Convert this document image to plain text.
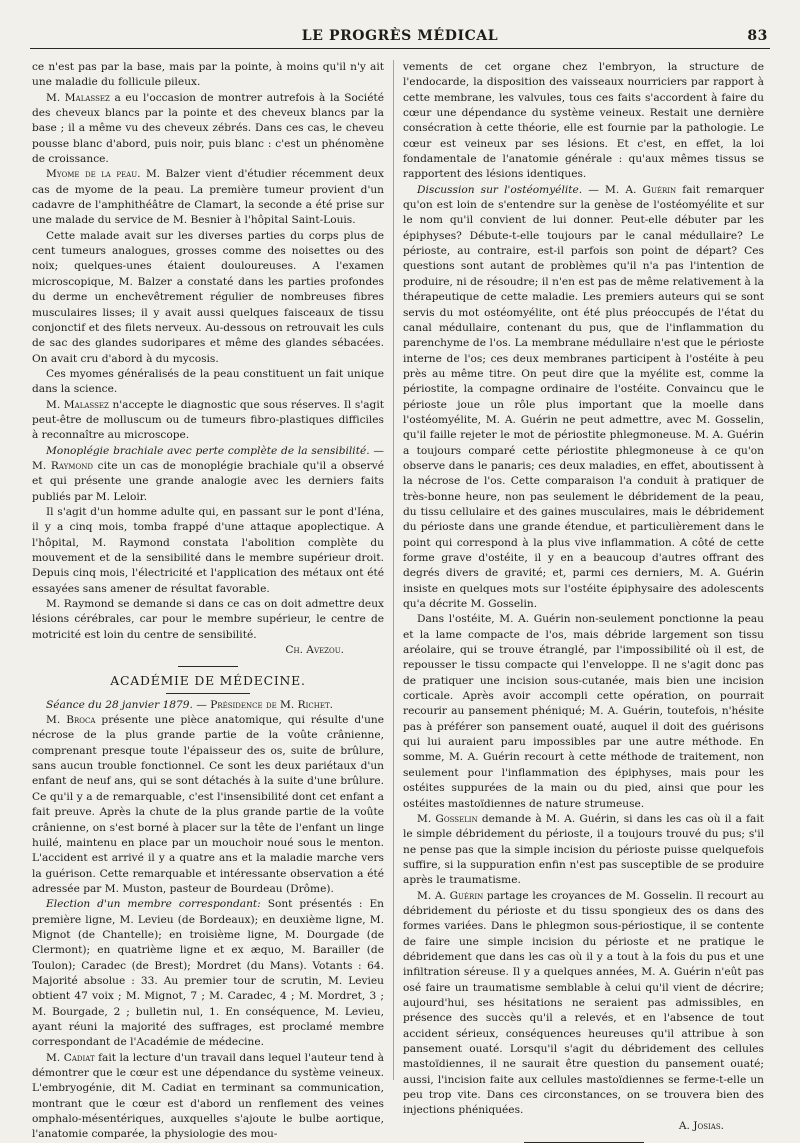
LE PROGRÈS MÉDICAL	83

ce n'est pas par la base, mais par la pointe, à moins qu'il n'y ait une maladie du follicule pileux.

M. Malassez a eu l'occasion de montrer autrefois à la Société des cheveux blancs par la pointe et des cheveux blancs par la base ; il a même vu des cheveux zébrés. Dans ces cas, le cheveu pousse blanc d'abord, puis noir, puis blanc : c'est un phénomène de croissance.

Myome de la peau. M. Balzer vient d'étudier récemment deux cas de myome de la peau. La première tumeur provient d'un cadavre de l'amphithéâtre de Clamart, la seconde a été prise sur une malade du service de M. Besnier à l'hôpital Saint-Louis.

Cette malade avait sur les diverses parties du corps plus de cent tumeurs analogues, grosses comme des noisettes ou des noix; quelques-unes étaient douloureuses. A l'examen microscopique, M. Balzer a constaté dans les parties profondes du derme un enchevêtrement régulier de nombreuses fibres musculaires lisses; il y avait aussi quelques faisceaux de tissu conjonctif et des filets nerveux. Au-dessous on retrouvait les culs de sac des glandes sudoripares et même des glandes sébacées. On avait cru d'abord à du mycosis.

Ces myomes généralisés de la peau constituent un fait unique dans la science.

M. Malassez n'accepte le diagnostic que sous réserves. Il s'agit peut-être de molluscum ou de tumeurs fibro-plastiques difficiles à reconnaître au microscope.

Monoplégie brachiale avec perte complète de la sensibilité. — M. Raymond cite un cas de monoplégie brachiale qu'il a observé et qui présente une grande analogie avec les derniers faits publiés par M. Leloir.

Il s'agit d'un homme adulte qui, en passant sur le pont d'Iéna, il y a cinq mois, tomba frappé d'une attaque apoplectique. A l'hôpital, M. Raymond constata l'abolition complète du mouvement et de la sensibilité dans le membre supérieur droit. Depuis cinq mois, l'électricité et l'application des métaux ont été essayées sans amener de résultat favorable.

M. Raymond se demande si dans ce cas on doit admettre deux lésions cérébrales, car pour le membre supérieur, le centre de motricité est loin du centre de sensibilité.

Ch. Avezou.
ACADÉMIE DE MÉDECINE.

Séance du 28 janvier 1879. — Présidence de M. Richet.

M. Broca présente une pièce anatomique, qui résulte d'une nécrose de la plus grande partie de la voûte crânienne, comprenant presque toute l'épaisseur des os, suite de brûlure, sans aucun trouble fonctionnel. Ce sont les deux pariétaux d'un enfant de neuf ans, qui se sont détachés à la suite d'une brûlure. Ce qu'il y a de remarquable, c'est l'insensibilité dont cet enfant a fait preuve. Après la chute de la plus grande partie de la voûte crânienne, on s'est borné à placer sur la tête de l'enfant un linge huilé, maintenu en place par un mouchoir noué sous le menton. L'accident est arrivé il y a quatre ans et la maladie marche vers la guérison. Cette remarquable et intéressante observation a été adressée par M. Muston, pasteur de Bourdeau (Drôme).

Election d'un membre correspondant: Sont présentés : En première ligne, M. Levieu (de Bordeaux); en deuxième ligne, M. Mignot (de Chantelle); en troisième ligne, M. Dourgade (de Clermont); en quatrième ligne et ex æquo, M. Barailler (de Toulon); Caradec (de Brest); Mordret (du Mans). Votants : 64. Majorité absolue : 33. Au premier tour de scrutin, M. Levieu obtient 47 voix ; M. Mignot, 7 ; M. Caradec, 4 ; M. Mordret, 3 ; M. Bourgade, 2 ; bulletin nul, 1. En conséquence, M. Levieu, ayant réuni la majorité des suffrages, est proclamé membre correspondant de l'Académie de médecine.

M. Cadiat fait la lecture d'un travail dans lequel l'auteur tend à démontrer que le cœur est une dépendance du système veineux. L'embryogénie, dit M. Cadiat en terminant sa communication, montrant que le cœur est d'abord un renflement des veines omphalo-mésentériques, auxquelles s'ajoute le bulbe aortique, l'anatomie comparée, la physiologie des mou-

vements de cet organe chez l'embryon, la structure de l'endocarde, la disposition des vaisseaux nourriciers par rapport à cette membrane, les valvules, tous ces faits s'accordent à faire du cœur une dépendance du système veineux. Restait une dernière consécration à cette théorie, elle est fournie par la pathologie. Le cœur est veineux par ses lésions. Et c'est, en effet, la loi fondamentale de l'anatomie générale : qu'aux mêmes tissus se rapportent des lésions identiques.

Discussion sur l'ostéomyélite. — M. A. Guérin fait remarquer qu'on est loin de s'entendre sur la genèse de l'ostéomyélite et sur le nom qu'il convient de lui donner. Peut-elle débuter par les épiphyses? Débute-t-elle toujours par le canal médullaire? Le périoste, au contraire, est-il parfois son point de départ? Ces questions sont autant de problèmes qu'il n'a pas l'intention de produire, ni de résoudre; il n'en est pas de même relativement à la thérapeutique de cette maladie. Les premiers auteurs qui se sont servis du mot ostéomyélite, ont été plus préoccupés de l'état du canal médullaire, contenant du pus, que de l'inflammation du parenchyme de l'os. La membrane médullaire n'est que le périoste interne de l'os; ces deux membranes participent à l'ostéite à peu près au même titre. On peut dire que la myélite est, comme la périostite, la compagne ordinaire de l'ostéite. Convaincu que le périoste joue un rôle plus important que la moelle dans l'ostéomyélite, M. A. Guérin ne peut admettre, avec M. Gosselin, qu'il faille rejeter le mot de périostite phlegmoneuse. M. A. Guérin a toujours comparé cette périostite phlegmoneuse à ce qu'on observe dans le panaris; ces deux maladies, en effet, aboutissent à la nécrose de l'os. Cette comparaison l'a conduit à pratiquer de très-bonne heure, non pas seulement le débridement de la peau, du tissu cellulaire et des gaines musculaires, mais le débridement du périoste dans une grande étendue, et particulièrement dans le point qui correspond à la plus vive inflammation. A côté de cette forme grave d'ostéite, il y en a beaucoup d'autres offrant des degrés divers de gravité; et, parmi ces derniers, M. A. Guérin insiste en quelques mots sur l'ostéite épiphysaire des adolescents qu'a décrite M. Gosselin.

Dans l'ostéite, M. A. Guérin non-seulement ponctionne la peau et la lame compacte de l'os, mais débride largement son tissu aréolaire, qui se trouve étranglé, par l'impossibilité où il est, de repousser le tissu compacte qui l'enveloppe. Il ne s'agit donc pas de pratiquer une incision sous-cutanée, mais bien une incision corticale. Après avoir accompli cette opération, on pourrait recourir au pansement phéniqué; M. A. Guérin, toutefois, n'hésite pas à préférer son pansement ouaté, auquel il doit des guérisons qui lui auraient paru impossibles par une autre méthode. En somme, M. A. Guérin recourt à cette méthode de traitement, non seulement pour l'inflammation des épiphyses, mais pour les ostéites suppurées de la main ou du pied, ainsi que pour les ostéites mastoïdiennes de nature strumeuse.

M. Gosselin demande à M. A. Guérin, si dans les cas où il a fait le simple débridement du périoste, il a toujours trouvé du pus; s'il ne pense pas que la simple incision du périoste puisse quelquefois suffire, si la suppuration enfin n'est pas susceptible de se produire après le traumatisme.

M. A. Guérin partage les croyances de M. Gosselin. Il recourt au débridement du périoste et du tissu spongieux des os dans des formes variées. Dans le phlegmon sous-périostique, il se contente de faire une simple incision du périoste et ne pratique le débridement que dans les cas où il y a tout à la fois du pus et une infiltration séreuse. Il y a quelques années, M. A. Guérin n'eût pas osé faire un traumatisme semblable à celui qu'il vient de décrire; aujourd'hui, ses hésitations ne seraient pas admissibles, en présence des succès qu'il a relevés, et en l'absence de tout accident sérieux, conséquences heureuses qu'il attribue à son pansement ouaté. Lorsqu'il s'agit du débridement des cellules mastoïdiennes, il ne saurait être question du pansement ouaté; aussi, l'incision faite aux cellules mastoïdiennes se ferme-t-elle un peu trop vite. Dans ces circonstances, on se trouvera bien des injections phéniquées.

A. Josias.
